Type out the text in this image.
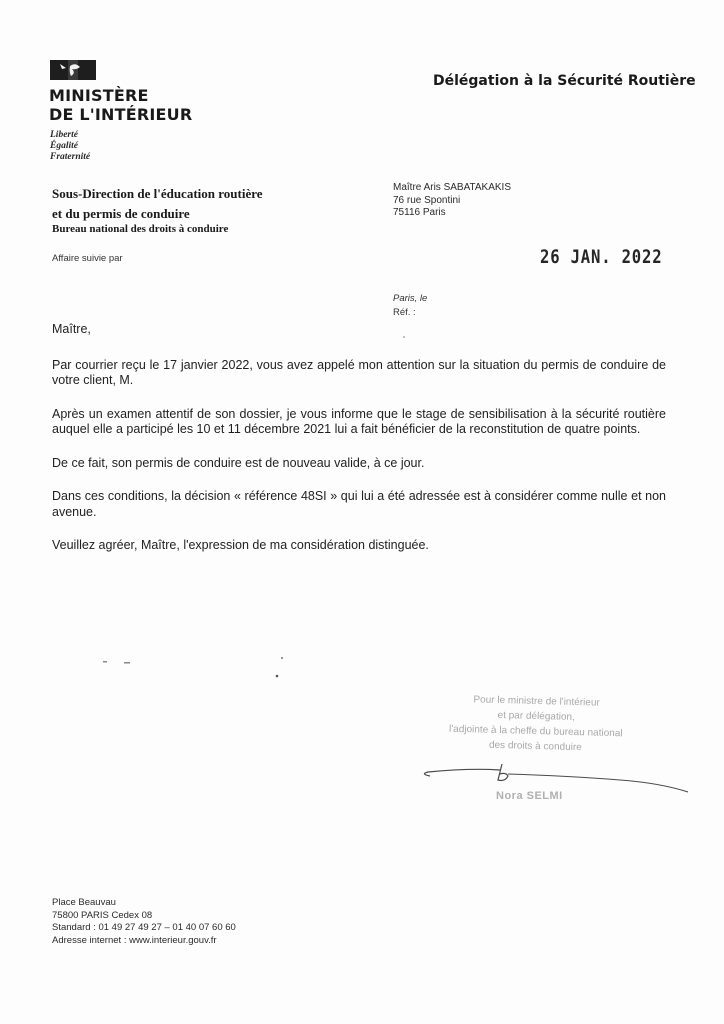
MINISTÈRE
DE L'INTÉRIEUR
Liberté
Égalité
Fraternité
Délégation à la Sécurité Routière
Sous-Direction de l'éducation routière
et du permis de conduire
Bureau national des droits à conduire
Maître Aris SABATAKAKIS
76 rue Spontini
75116 Paris
Affaire suivie par	26 JAN. 2022
Paris, le
Réf. :

Maître,

Par courrier reçu le 17 janvier 2022, vous avez appelé mon attention sur la situation du permis de conduire de votre client, M.

Après un examen attentif de son dossier, je vous informe que le stage de sensibilisation à la sécurité routière auquel elle a participé les 10 et 11 décembre 2021 lui a fait bénéficier de la reconstitution de quatre points.

De ce fait, son permis de conduire est de nouveau valide, à ce jour.

Dans ces conditions, la décision « référence 48SI » qui lui a été adressée est à considérer comme nulle et non avenue.

Veuillez agréer, Maître, l'expression de ma considération distinguée.

Pour le ministre de l'intérieur
et par délégation,
l'adjointe à la cheffe du bureau national
des droits à conduire
Nora SELMI
Place Beauvau
75800 PARIS Cedex 08
Standard : 01 49 27 49 27 – 01 40 07 60 60
Adresse internet : www.interieur.gouv.fr
